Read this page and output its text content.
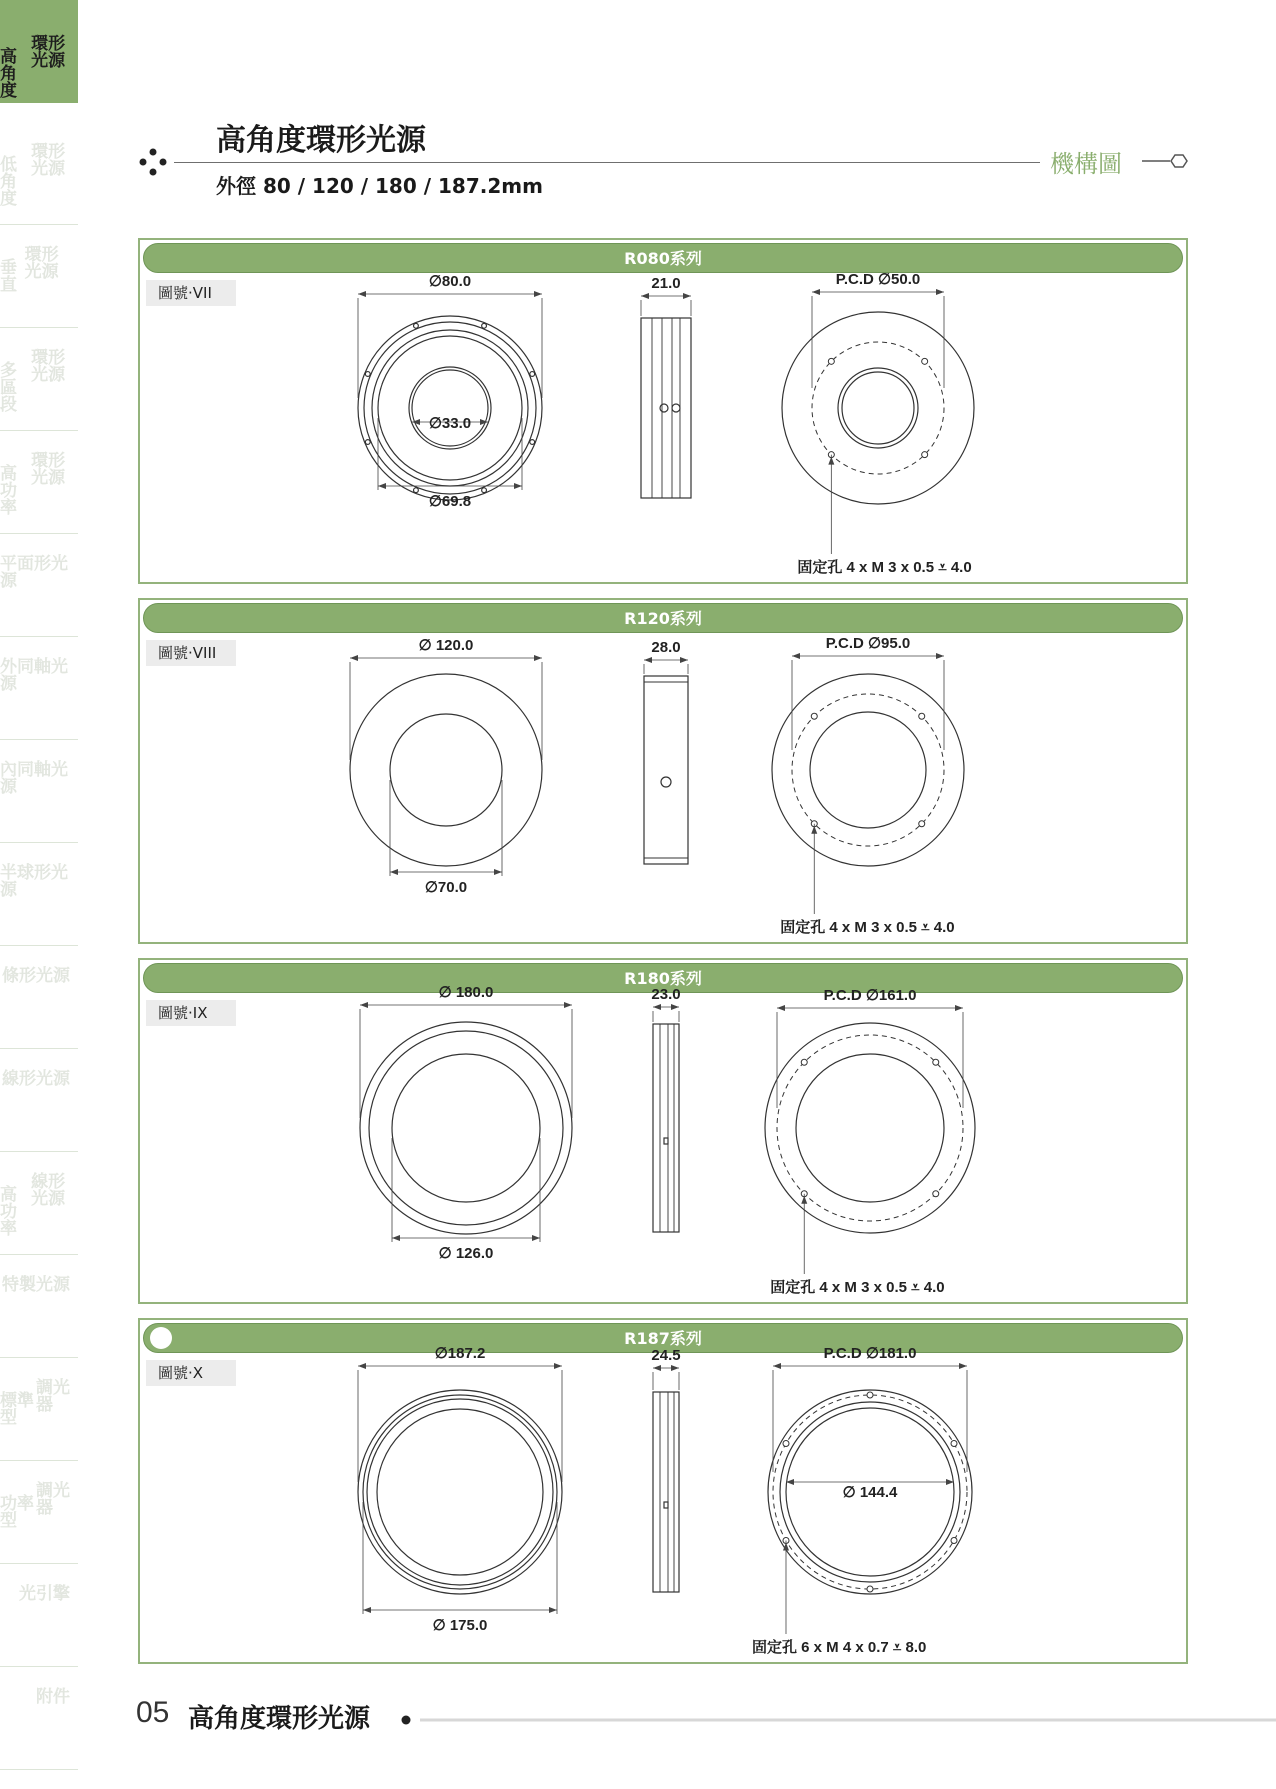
環形光源
高角度
環形光源
低角度
環形光源
垂直
環形光源
多區段
環形光源
高功率
平面形光源
外同軸光源
內同軸光源
半球形光源
條形光源
線形光源
線形光源
高功率
特製光源
調光器
標準型
調光器
功率型
光引擎
附件
高角度環形光源
外徑 80 / 120 / 180 / 187.2mm
機構圖
R080系列
圖號‧VII
∅80.0
∅69.8
∅33.0
21.0	P.C.D ∅50.0
固定孔 4 x M 3 x 0.5 ⩡ 4.0
R120系列
圖號‧VIII	∅ 120.0
∅70.0
28.0	P.C.D ∅95.0
固定孔 4 x M 3 x 0.5 ⩡ 4.0
R180系列
圖號‧IX
∅ 180.0
∅ 126.0
23.0	P.C.D ∅161.0
固定孔 4 x M 3 x 0.5 ⩡ 4.0
R187系列
圖號‧X
∅187.2
∅ 175.0
24.5	P.C.D ∅181.0
∅ 144.4
固定孔 6 x M 4 x 0.7 ⩡ 8.0
05 高角度環形光源
